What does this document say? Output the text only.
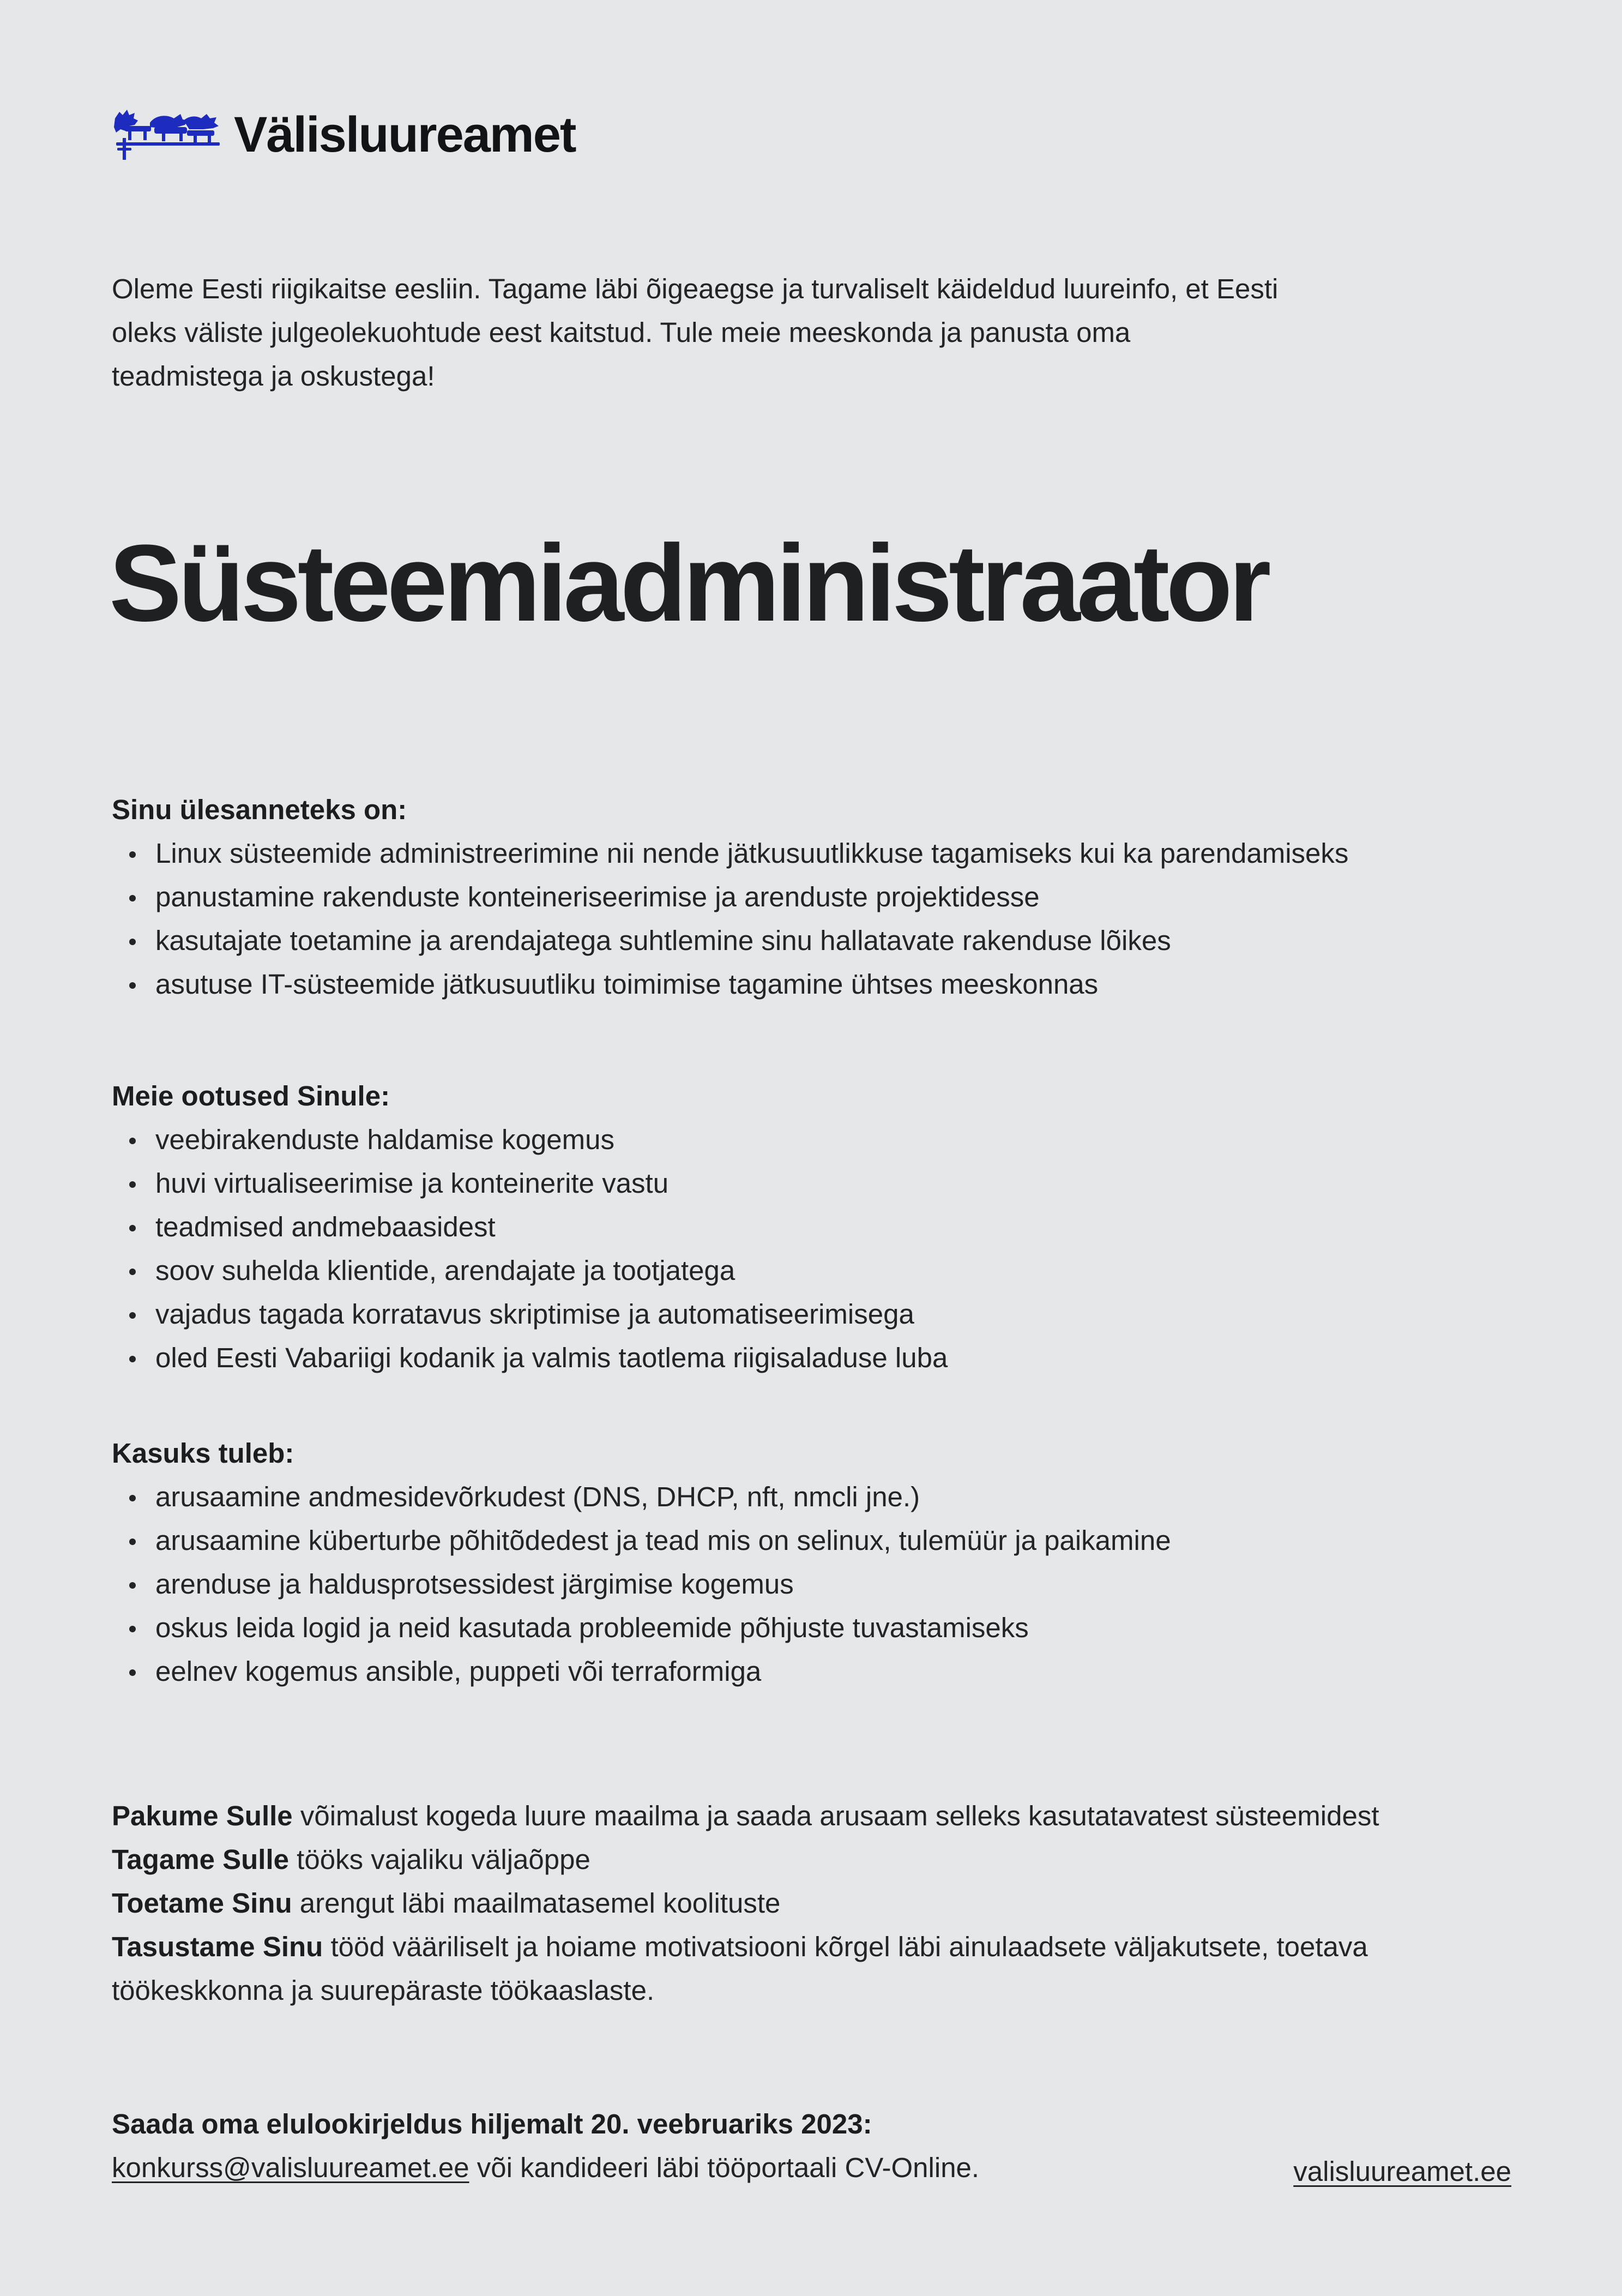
Välisluureamet

Oleme Eesti riigikaitse eesliin. Tagame läbi õigeaegse ja turvaliselt käideldud luureinfo, et Eesti oleks väliste julgeolekuohtude eest kaitstud. Tule meie meeskonda ja panusta oma teadmistega ja oskustega!

Süsteemiadministraator
Sinu ülesanneteks on:
Linux süsteemide administreerimine nii nende jätkusuutlikkuse tagamiseks kui ka parendamiseks
panustamine rakenduste konteineriseerimise ja arenduste projektidesse
kasutajate toetamine ja arendajatega suhtlemine sinu hallatavate rakenduse lõikes
asutuse IT-süsteemide jätkusuutliku toimimise tagamine ühtses meeskonnas
Meie ootused Sinule:
veebirakenduste haldamise kogemus
huvi virtualiseerimise ja konteinerite vastu
teadmised andmebaasidest
soov suhelda klientide, arendajate ja tootjatega
vajadus tagada korratavus skriptimise ja automatiseerimisega
oled Eesti Vabariigi kodanik ja valmis taotlema riigisaladuse luba
Kasuks tuleb:
arusaamine andmesidevõrkudest (DNS, DHCP, nft, nmcli jne.)
arusaamine küberturbe põhitõdedest ja tead mis on selinux, tulemüür ja paikamine
arenduse ja haldusprotsessidest järgimise kogemus
oskus leida logid ja neid kasutada probleemide põhjuste tuvastamiseks
eelnev kogemus ansible, puppeti või terraformiga

Pakume Sulle võimalust kogeda luure maailma ja saada arusaam selleks kasutatavatest süsteemidest

Tagame Sulle tööks vajaliku väljaõppe

Toetame Sinu arengut läbi maailmatasemel koolituste

Tasustame Sinu tööd vääriliselt ja hoiame motivatsiooni kõrgel läbi ainulaadsete väljakutsete, toetava töökeskkonna ja suurepäraste töökaaslaste.

Saada oma elulookirjeldus hiljemalt 20. veebruariks 2023:

konkurss@valisluureamet.ee või kandideeri läbi tööportaali CV-Online.	valisluureamet.ee
